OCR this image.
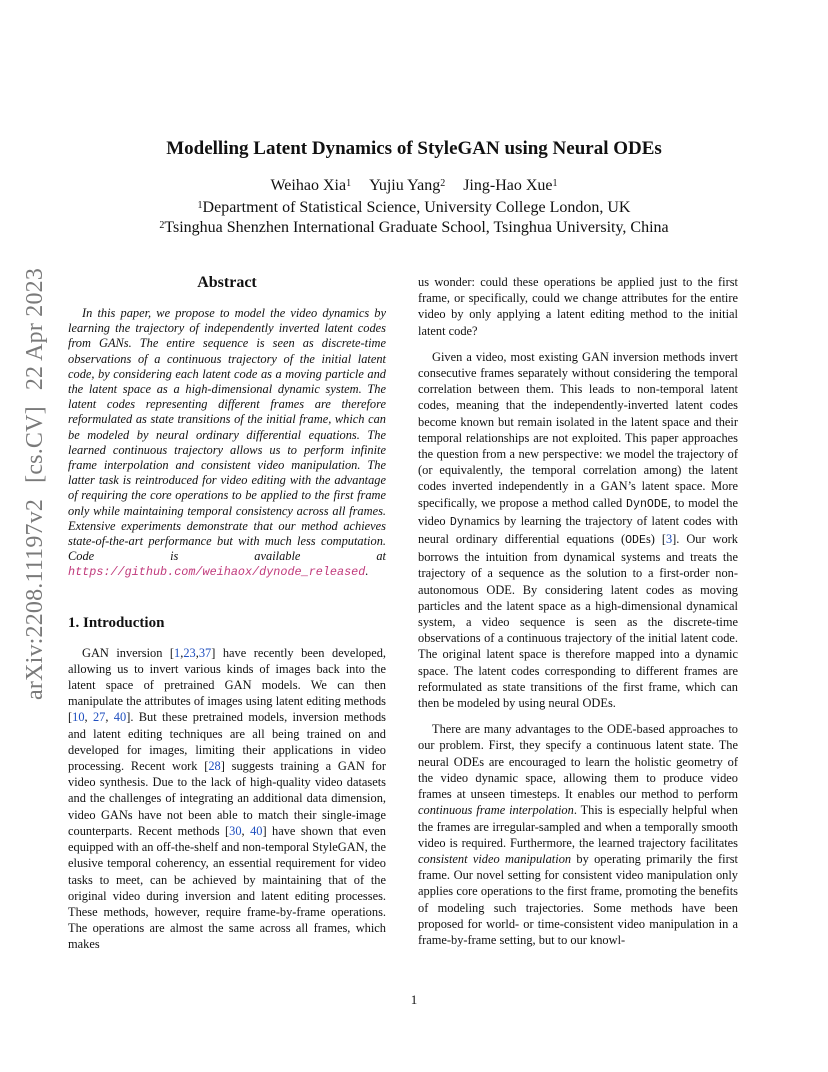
arXiv:2208.11197v2[cs.CV]22 Apr 2023
Modelling Latent Dynamics of StyleGAN using Neural ODEs
Weihao Xia$^1$ Yujiu Yang$^2$ Jing-Hao Xue$^1$
$^1$Department of Statistical Science, University College London, UK
$^2$Tsinghua Shenzhen International Graduate School, Tsinghua University, China
Abstract

In this paper, we propose to model the video dynamics by learning the trajectory of independently inverted latent codes from GANs. The entire sequence is seen as discrete-time observations of a continuous trajectory of the initial latent code, by considering each latent code as a moving particle and the latent space as a high-dimensional dynamic system. The latent codes representing different frames are therefore reformulated as state transitions of the initial frame, which can be modeled by neural ordinary differential equations. The learned continuous trajectory allows us to perform infinite frame interpolation and consistent video manipulation. The latter task is reintroduced for video editing with the advantage of requiring the core operations to be applied to the first frame only while maintaining temporal consistency across all frames. Extensive experiments demonstrate that our method achieves state-of-the-art performance but with much less computation. Code is available at https://github.com/weihaox/dynode_released.

1. Introduction

GAN inversion [1,23,37] have recently been developed, allowing us to invert various kinds of images back into the latent space of pretrained GAN models. We can then manipulate the attributes of images using latent editing methods [10, 27, 40]. But these pretrained models, inversion methods and latent editing techniques are all being trained on and developed for images, limiting their applications in video processing. Recent work [28] suggests training a GAN for video synthesis. Due to the lack of high-quality video datasets and the challenges of integrating an additional data dimension, video GANs have not been able to match their single-image counterparts. Recent methods [30, 40] have shown that even equipped with an off-the-shelf and non-temporal StyleGAN, the elusive temporal coherency, an essential requirement for video tasks to meet, can be achieved by maintaining that of the original video during inversion and latent editing processes. These methods, however, require frame-by-frame operations. The operations are almost the same across all frames, which makes

us wonder: could these operations be applied just to the first frame, or specifically, could we change attributes for the entire video by only applying a latent editing method to the initial latent code?

Given a video, most existing GAN inversion methods invert consecutive frames separately without considering the temporal correlation between them. This leads to non-temporal latent codes, meaning that the independently-inverted latent codes become known but remain isolated in the latent space and their temporal relationships are not exploited. This paper approaches the question from a new perspective: we model the trajectory of (or equivalently, the temporal correlation among) the latent codes inverted independently in a GAN’s latent space. More specifically, we propose a method called DynODE, to model the video Dynamics by learning the trajectory of latent codes with neural ordinary differential equations (ODEs) [3]. Our work borrows the intuition from dynamical systems and treats the trajectory of a sequence as the solution to a first-order non-autonomous ODE. By considering latent codes as moving particles and the latent space as a high-dimensional dynamical system, a video sequence is seen as the discrete-time observations of a continuous trajectory of the initial latent code. The original latent space is therefore mapped into a dynamic space. The latent codes corresponding to different frames are reformulated as state transitions of the first frame, which can then be modeled by using neural ODEs.

There are many advantages to the ODE-based approaches to our problem. First, they specify a continuous latent state. The neural ODEs are encouraged to learn the holistic geometry of the video dynamic space, allowing them to produce video frames at unseen timesteps. It enables our method to perform continuous frame interpolation. This is especially helpful when the frames are irregular-sampled and when a temporally smooth video is required. Furthermore, the learned trajectory facilitates consistent video manipulation by operating primarily the first frame. Our novel setting for consistent video manipulation only applies core operations to the first frame, promoting the benefits of modeling such trajectories. Some methods have been proposed for world- or time-consistent video manipulation in a frame-by-frame setting, but to our knowl-

1
